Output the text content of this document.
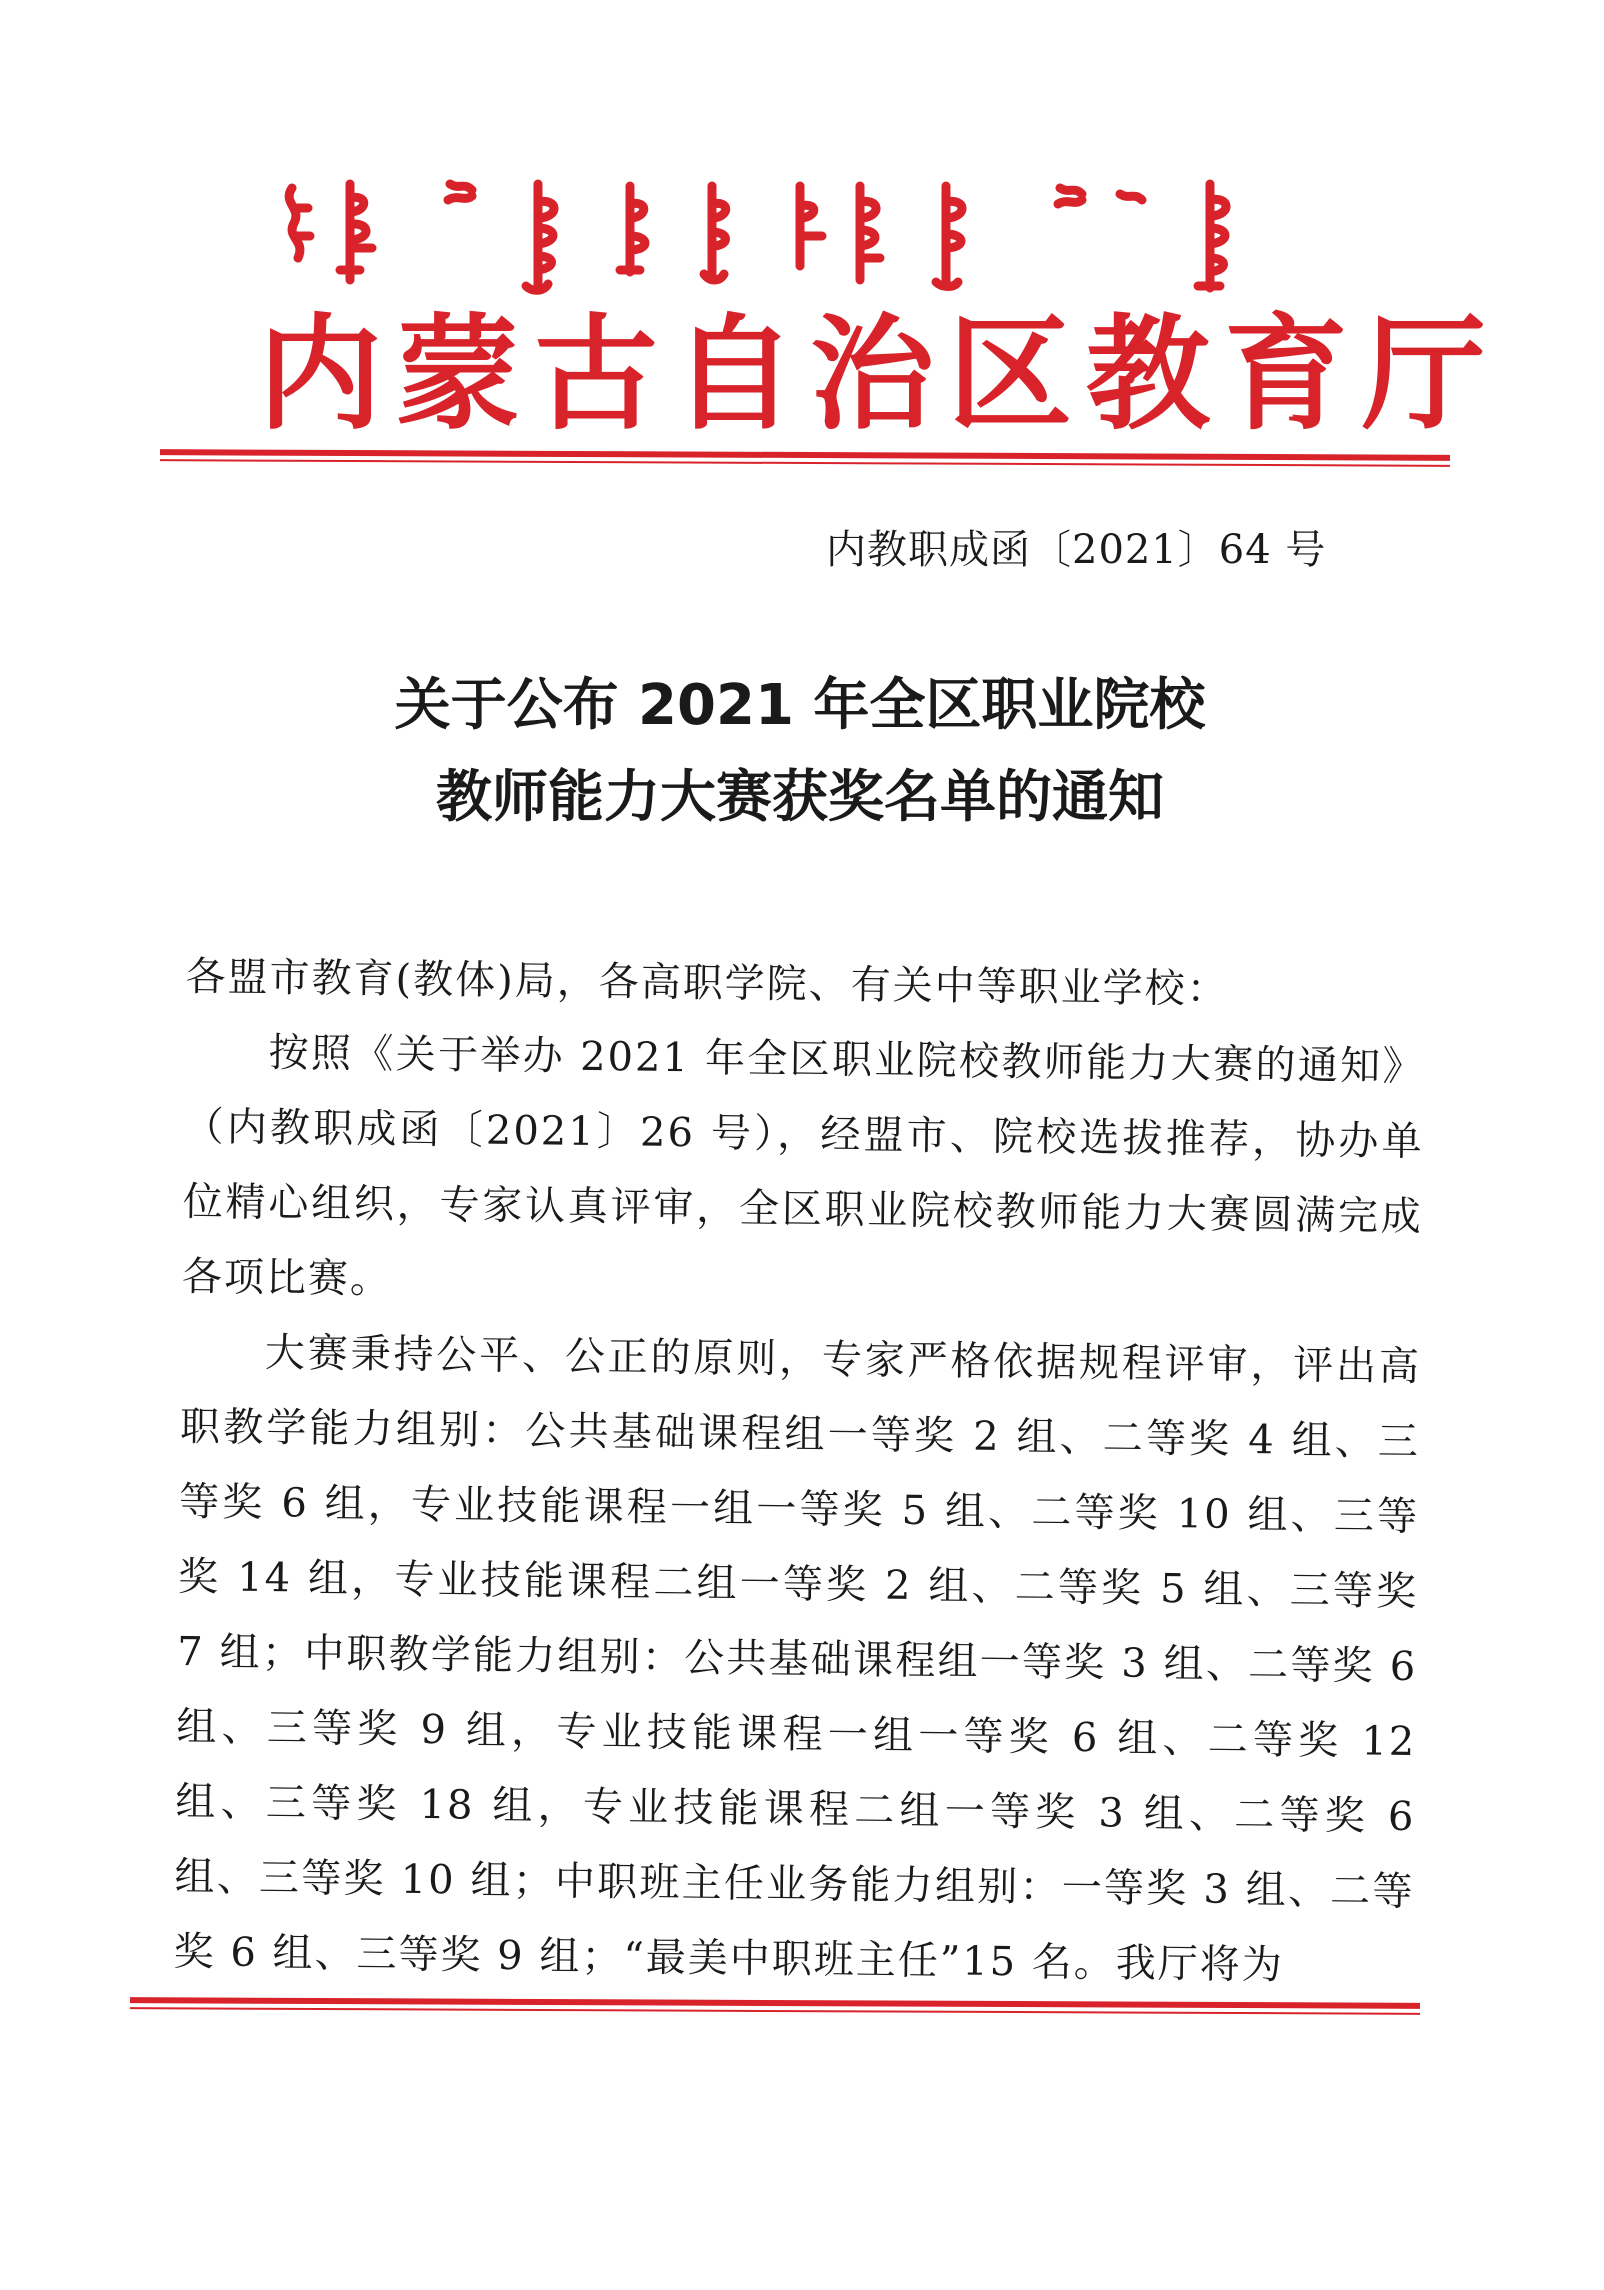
内蒙古自治区教育厅
内教职成函〔2021〕64 号
关于公布 2021 年全区职业院校
教师能力大赛获奖名单的通知
各盟市教育(教体)局，各高职学院、有关中等职业学校：
按照《关于举办 2021 年全区职业院校教师能力大赛的通知》（内教职成函〔2021〕26 号），经盟市、院校选拔推荐，协办单位精心组织，专家认真评审，全区职业院校教师能力大赛圆满完成各项比赛。
大赛秉持公平、公正的原则，专家严格依据规程评审，评出高职教学能力组别：公共基础课程组一等奖 2 组、二等奖 4 组、三等奖 6 组，专业技能课程一组一等奖 5 组、二等奖 10 组、三等奖 14 组，专业技能课程二组一等奖 2 组、二等奖 5 组、三等奖 7 组；中职教学能力组别：公共基础课程组一等奖 3 组、二等奖 6 组、三等奖 9 组，专业技能课程一组一等奖 6 组、二等奖 12 组、三等奖 18 组，专业技能课程二组一等奖 3 组、二等奖 6 组、三等奖 10 组；中职班主任业务能力组别：一等奖 3 组、二等奖 6 组、三等奖 9 组；“最美中职班主任”15 名。我厅将为
